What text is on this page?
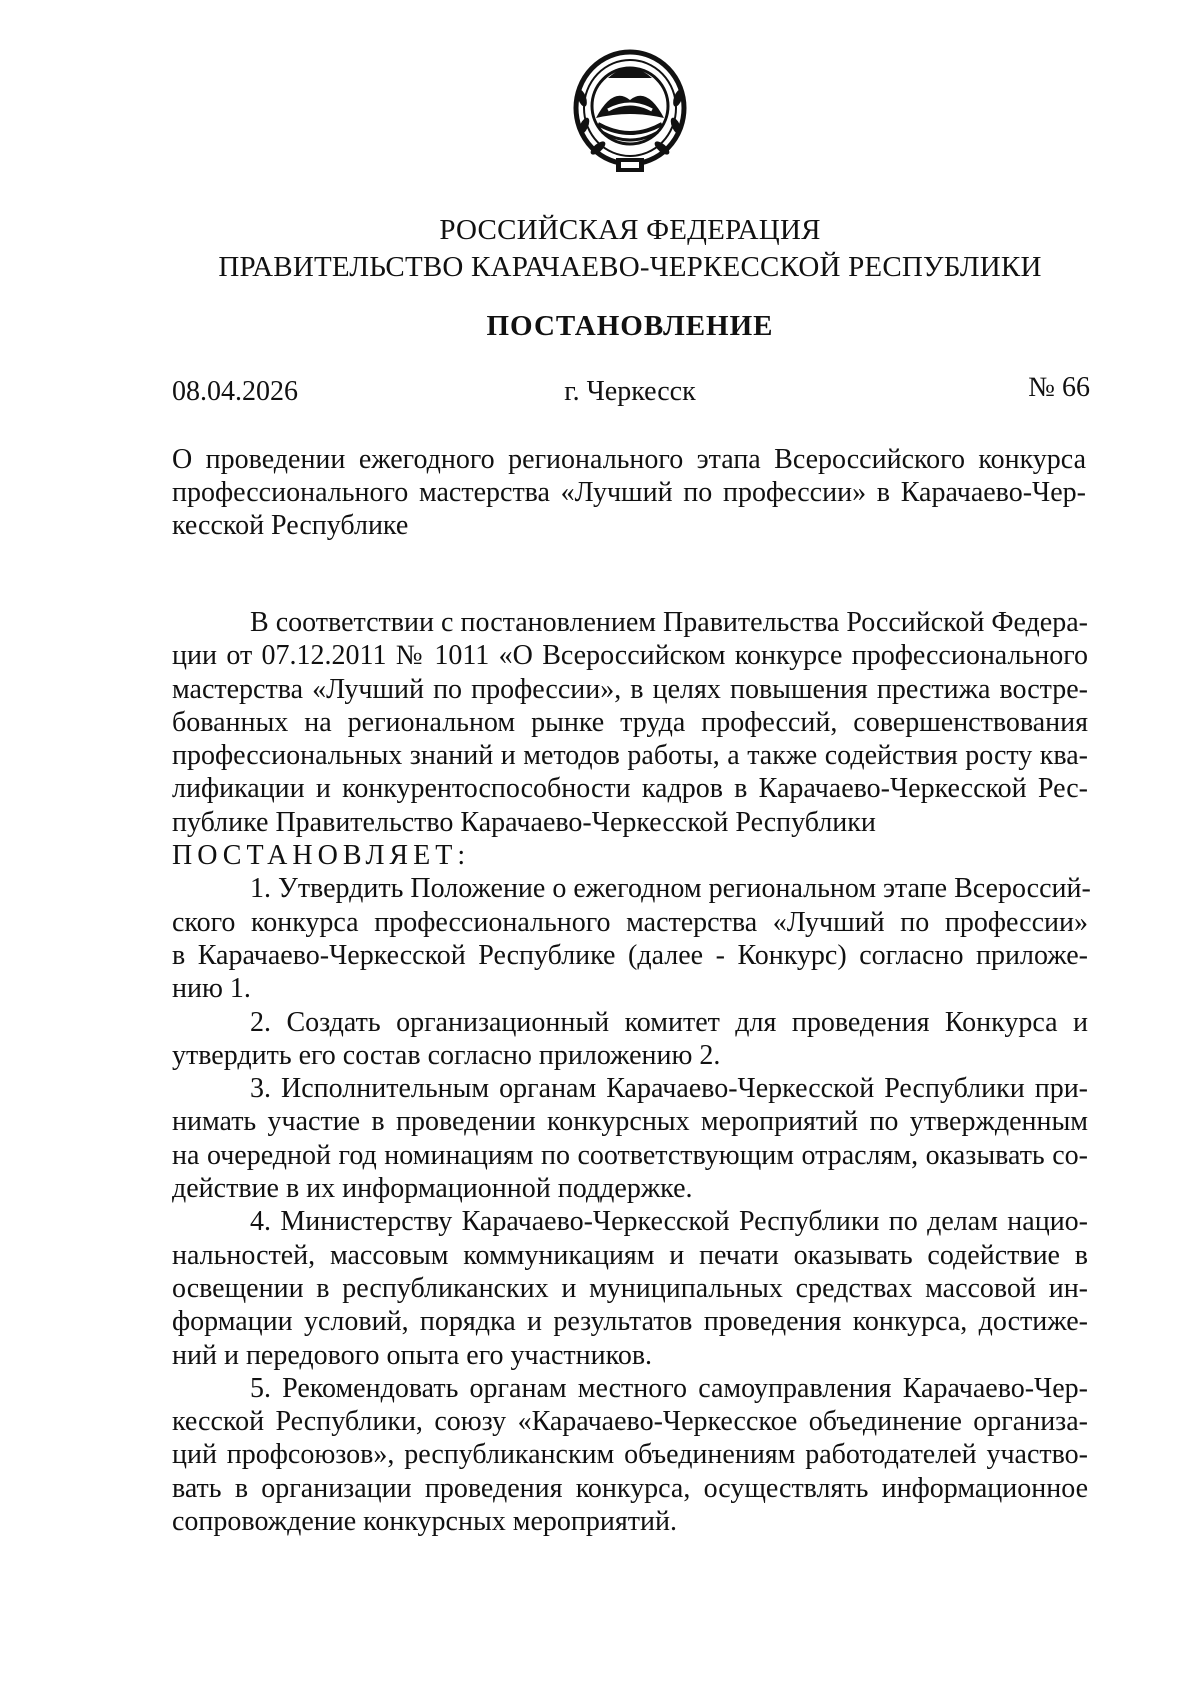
РОССИЙСКАЯ ФЕДЕРАЦИЯ
ПРАВИТЕЛЬСТВО КАРАЧАЕВО-ЧЕРКЕССКОЙ РЕСПУБЛИКИ
ПОСТАНОВЛЕНИЕ
08.04.2026	г. Черкесск	№ 66
О проведении ежегодного регионального этапа Всероссийского конкурса
профессионального мастерства «Лучший по профессии» в Карачаево-Чер-
кесской Республике
В соответствии с постановлением Правительства Российской Федера-
ции от 07.12.2011 № 1011 «О Всероссийском конкурсе профессионального
мастерства «Лучший по профессии», в целях повышения престижа востре-
бованных на региональном рынке труда профессий, совершенствования
профессиональных знаний и методов работы, а также содействия росту ква-
лификации и конкурентоспособности кадров в Карачаево-Черкесской Рес-
публике Правительство Карачаево-Черкесской Республики
ПОСТАНОВЛЯЕТ:
1. Утвердить Положение о ежегодном региональном этапе Всероссий-
ского конкурса профессионального мастерства «Лучший по профессии»
в Карачаево-Черкесской Республике (далее - Конкурс) согласно приложе-
нию 1.
2. Создать организационный комитет для проведения Конкурса и
утвердить его состав согласно приложению 2.
3. Исполнительным органам Карачаево-Черкесской Республики при-
нимать участие в проведении конкурсных мероприятий по утвержденным
на очередной год номинациям по соответствующим отраслям, оказывать со-
действие в их информационной поддержке.
4. Министерству Карачаево-Черкесской Республики по делам нацио-
нальностей, массовым коммуникациям и печати оказывать содействие в
освещении в республиканских и муниципальных средствах массовой ин-
формации условий, порядка и результатов проведения конкурса, достиже-
ний и передового опыта его участников.
5. Рекомендовать органам местного самоуправления Карачаево-Чер-
кесской Республики, союзу «Карачаево-Черкесское объединение организа-
ций профсоюзов», республиканским объединениям работодателей участво-
вать в организации проведения конкурса, осуществлять информационное
сопровождение конкурсных мероприятий.
